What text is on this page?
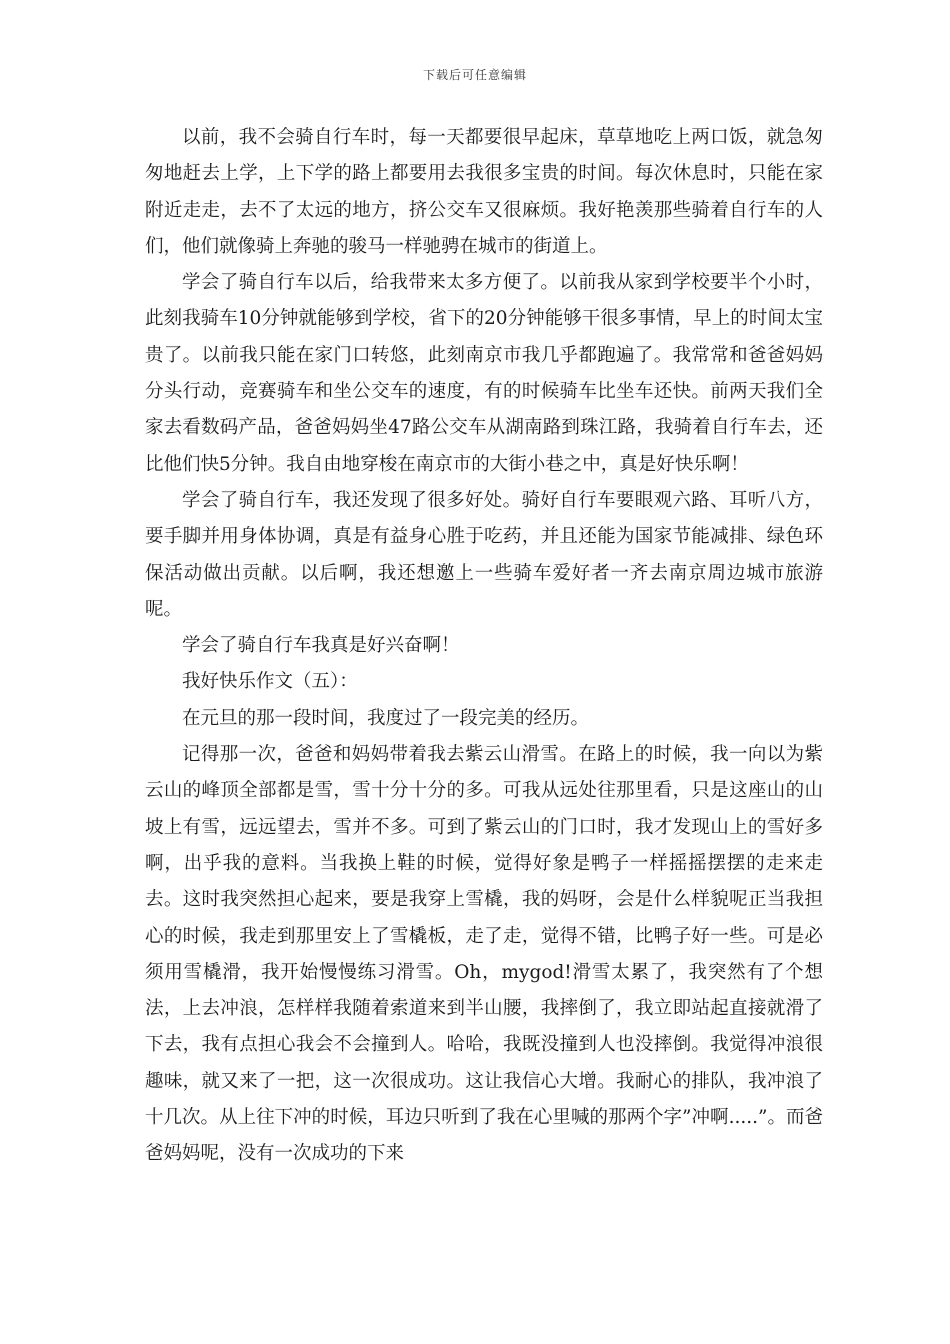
下载后可任意编辑

以前，我不会骑自行车时，每一天都要很早起床，草草地吃上两口饭，就急匆匆地赶去上学，上下学的路上都要用去我很多宝贵的时间。每次休息时，只能在家附近走走，去不了太远的地方，挤公交车又很麻烦。我好艳羡那些骑着自行车的人们，他们就像骑上奔驰的骏马一样驰骋在城市的街道上。

学会了骑自行车以后，给我带来太多方便了。以前我从家到学校要半个小时，此刻我骑车10分钟就能够到学校，省下的20分钟能够干很多事情，早上的时间太宝贵了。以前我只能在家门口转悠，此刻南京市我几乎都跑遍了。我常常和爸爸妈妈分头行动，竞赛骑车和坐公交车的速度，有的时候骑车比坐车还快。前两天我们全家去看数码产品，爸爸妈妈坐47路公交车从湖南路到珠江路，我骑着自行车去，还比他们快5分钟。我自由地穿梭在南京市的大街小巷之中，真是好快乐啊！

学会了骑自行车，我还发现了很多好处。骑好自行车要眼观六路、耳听八方，要手脚并用身体协调，真是有益身心胜于吃药，并且还能为国家节能减排、绿色环保活动做出贡献。以后啊，我还想邀上一些骑车爱好者一齐去南京周边城市旅游呢。

学会了骑自行车我真是好兴奋啊！

我好快乐作文（五）：

在元旦的那一段时间，我度过了一段完美的经历。

记得那一次，爸爸和妈妈带着我去紫云山滑雪。在路上的时候，我一向以为紫云山的峰顶全部都是雪，雪十分十分的多。可我从远处往那里看，只是这座山的山坡上有雪，远远望去，雪并不多。可到了紫云山的门口时，我才发现山上的雪好多啊，出乎我的意料。当我换上鞋的时候，觉得好象是鸭子一样摇摇摆摆的走来走去。这时我突然担心起来，要是我穿上雪橇，我的妈呀，会是什么样貌呢正当我担心的时候，我走到那里安上了雪橇板，走了走，觉得不错，比鸭子好一些。可是必须用雪橇滑，我开始慢慢练习滑雪。Oh，mygod!滑雪太累了，我突然有了个想法，上去冲浪，怎样样我随着索道来到半山腰，我摔倒了，我立即站起直接就滑了下去，我有点担心我会不会撞到人。哈哈，我既没撞到人也没摔倒。我觉得冲浪很趣味，就又来了一把，这一次很成功。这让我信心大增。我耐心的排队，我冲浪了十几次。从上往下冲的时候，耳边只听到了我在心里喊的那两个字”冲啊.....”。而爸爸妈妈呢，没有一次成功的下来
